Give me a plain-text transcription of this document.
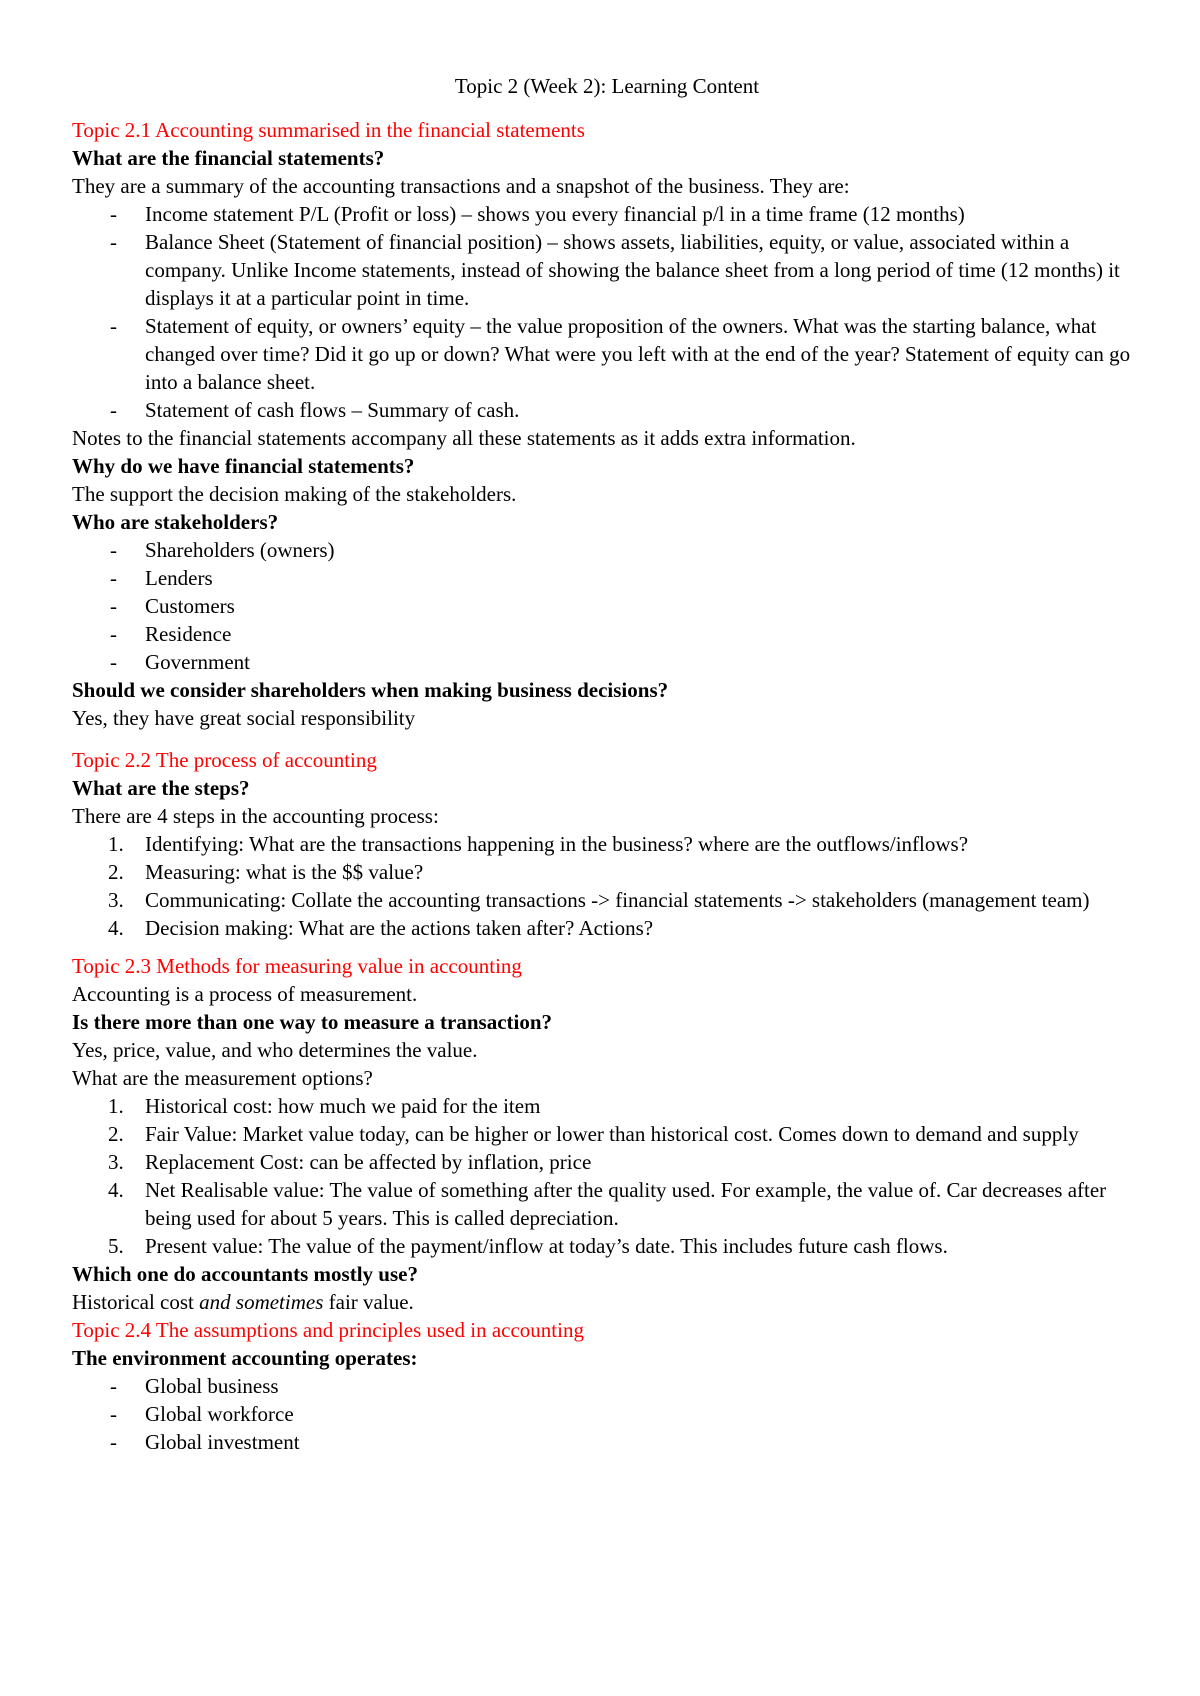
Topic 2 (Week 2): Learning Content
Topic 2.1 Accounting summarised in the financial statements
What are the financial statements?
They are a summary of the accounting transactions and a snapshot of the business. They are:
- Income statement P/L (Profit or loss) – shows you every financial p/l in a time frame (12 months)
- Balance Sheet (Statement of financial position) – shows assets, liabilities, equity, or value, associated within a company. Unlike Income statements, instead of showing the balance sheet from a long period of time (12 months) it displays it at a particular point in time.
- Statement of equity, or owners’ equity – the value proposition of the owners. What was the starting balance, what changed over time? Did it go up or down? What were you left with at the end of the year? Statement of equity can go into a balance sheet.
- Statement of cash flows – Summary of cash.
Notes to the financial statements accompany all these statements as it adds extra information.
Why do we have financial statements?
The support the decision making of the stakeholders.
Who are stakeholders?
- Shareholders (owners)
- Lenders
- Customers
- Residence
- Government
Should we consider shareholders when making business decisions?
Yes, they have great social responsibility
Topic 2.2 The process of accounting
What are the steps?
There are 4 steps in the accounting process:
1. Identifying: What are the transactions happening in the business? where are the outflows/inflows?
2. Measuring: what is the $$ value?
3. Communicating: Collate the accounting transactions -> financial statements -> stakeholders (management team)
4. Decision making: What are the actions taken after? Actions?
Topic 2.3 Methods for measuring value in accounting
Accounting is a process of measurement.
Is there more than one way to measure a transaction?
Yes, price, value, and who determines the value.
What are the measurement options?
1. Historical cost: how much we paid for the item
2. Fair Value: Market value today, can be higher or lower than historical cost. Comes down to demand and supply
3. Replacement Cost: can be affected by inflation, price
4. Net Realisable value: The value of something after the quality used. For example, the value of. Car decreases after being used for about 5 years. This is called depreciation.
5. Present value: The value of the payment/inflow at today’s date. This includes future cash flows.
Which one do accountants mostly use?
Historical cost and sometimes fair value.
Topic 2.4 The assumptions and principles used in accounting
The environment accounting operates:
- Global business
- Global workforce
- Global investment
